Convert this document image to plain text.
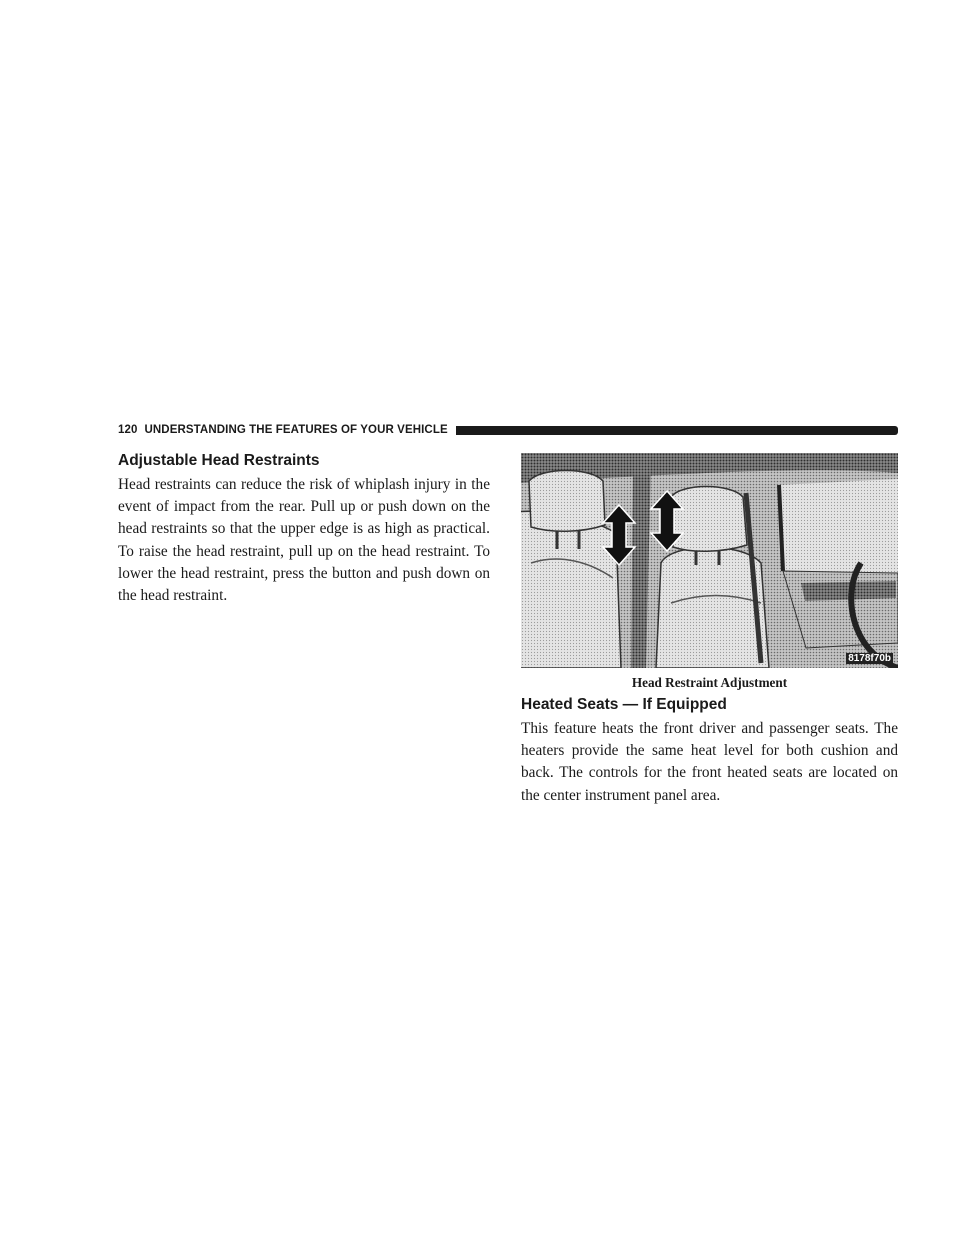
120 UNDERSTANDING THE FEATURES OF YOUR VEHICLE
Adjustable Head Restraints

Head restraints can reduce the risk of whiplash injury in the event of impact from the rear. Pull up or push down on the head restraints so that the upper edge is as high as practical. To raise the head restraint, pull up on the head restraint. To lower the head restraint, press the button and push down on the head restraint.

8178f70b
Head Restraint Adjustment
Heated Seats — If Equipped

This feature heats the front driver and passenger seats. The heaters provide the same heat level for both cushion and back. The controls for the front heated seats are located on the center instrument panel area.
